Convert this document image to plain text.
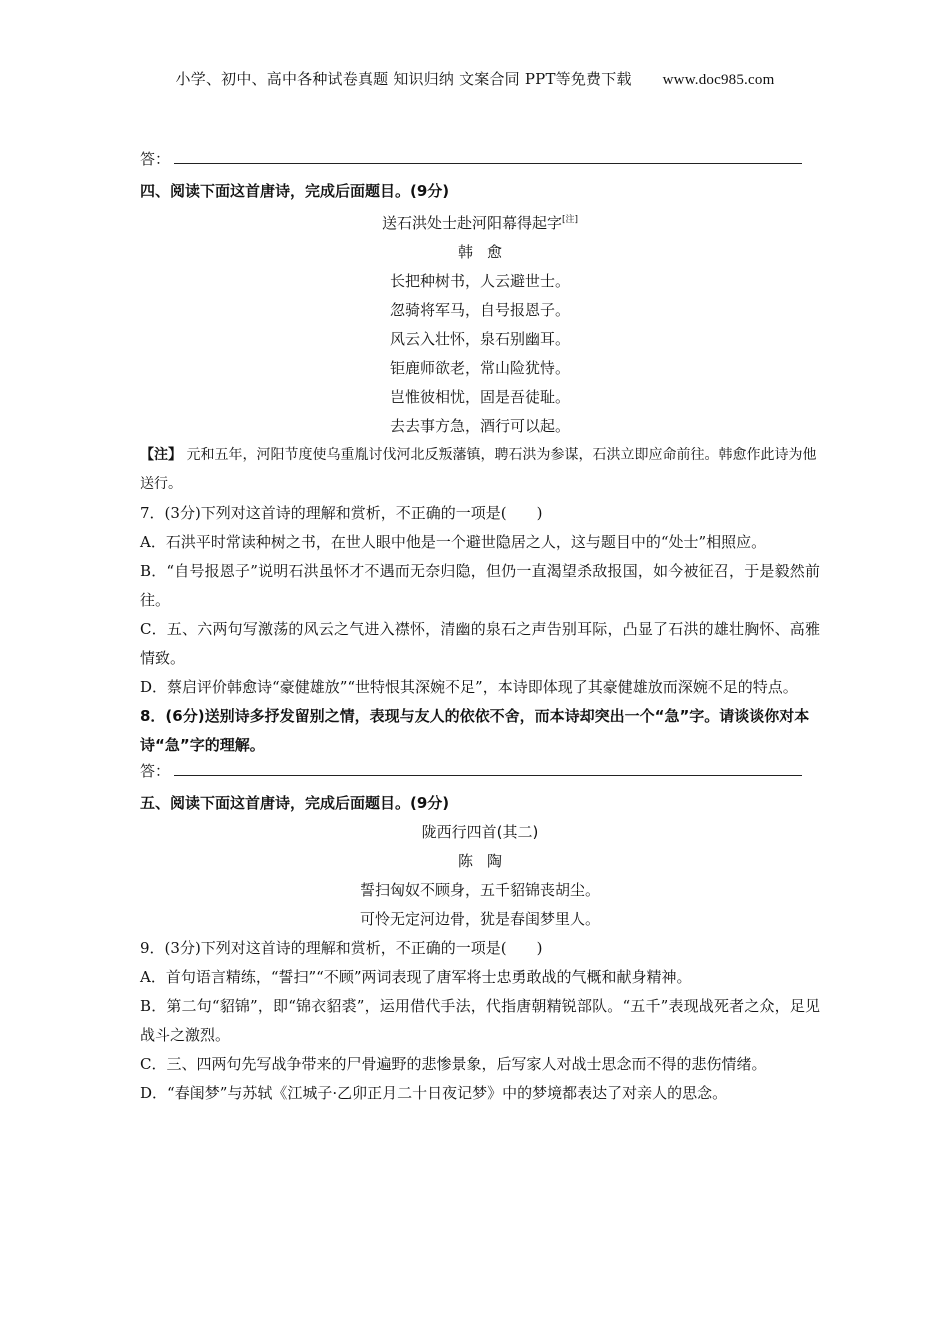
小学、初中、高中各种试卷真题 知识归纳 文案合同 PPT等免费下载 www.doc985.com
答：
四、阅读下面这首唐诗，完成后面题目。(9分)
送石洪处士赴河阳幕得起字[注]
韩愈
长把种树书，人云避世士。
忽骑将军马，自号报恩子。
风云入壮怀，泉石别幽耳。
钜鹿师欲老，常山险犹恃。
岂惟彼相忧，固是吾徒耻。
去去事方急，酒行可以起。

【注】 元和五年，河阳节度使乌重胤讨伐河北反叛藩镇，聘石洪为参谋，石洪立即应命前往。韩愈作此诗为他送行。

7．(3分)下列对这首诗的理解和赏析，不正确的一项是(　　)

A．石洪平时常读种树之书，在世人眼中他是一个避世隐居之人，这与题目中的“处士”相照应。

B．“自号报恩子”说明石洪虽怀才不遇而无奈归隐，但仍一直渴望杀敌报国，如今被征召，于是毅然前往。

C．五、六两句写激荡的风云之气进入襟怀，清幽的泉石之声告别耳际，凸显了石洪的雄壮胸怀、高雅情致。

D．蔡启评价韩愈诗“豪健雄放”“世特恨其深婉不足”，本诗即体现了其豪健雄放而深婉不足的特点。

8．(6分)送别诗多抒发留别之情，表现与友人的依依不舍，而本诗却突出一个“急”字。请谈谈你对本诗“急”字的理解。

答：
五、阅读下面这首唐诗，完成后面题目。(9分)
陇西行四首(其二)
陈陶
誓扫匈奴不顾身，五千貂锦丧胡尘。
可怜无定河边骨，犹是春闺梦里人。

9．(3分)下列对这首诗的理解和赏析，不正确的一项是(　　)

A．首句语言精练，“誓扫”“不顾”两词表现了唐军将士忠勇敢战的气概和献身精神。

B．第二句“貂锦”，即“锦衣貂裘”，运用借代手法，代指唐朝精锐部队。“五千”表现战死者之众，足见战斗之激烈。

C．三、四两句先写战争带来的尸骨遍野的悲惨景象，后写家人对战士思念而不得的悲伤情绪。

D．“春闺梦”与苏轼《江城子·乙卯正月二十日夜记梦》中的梦境都表达了对亲人的思念。
